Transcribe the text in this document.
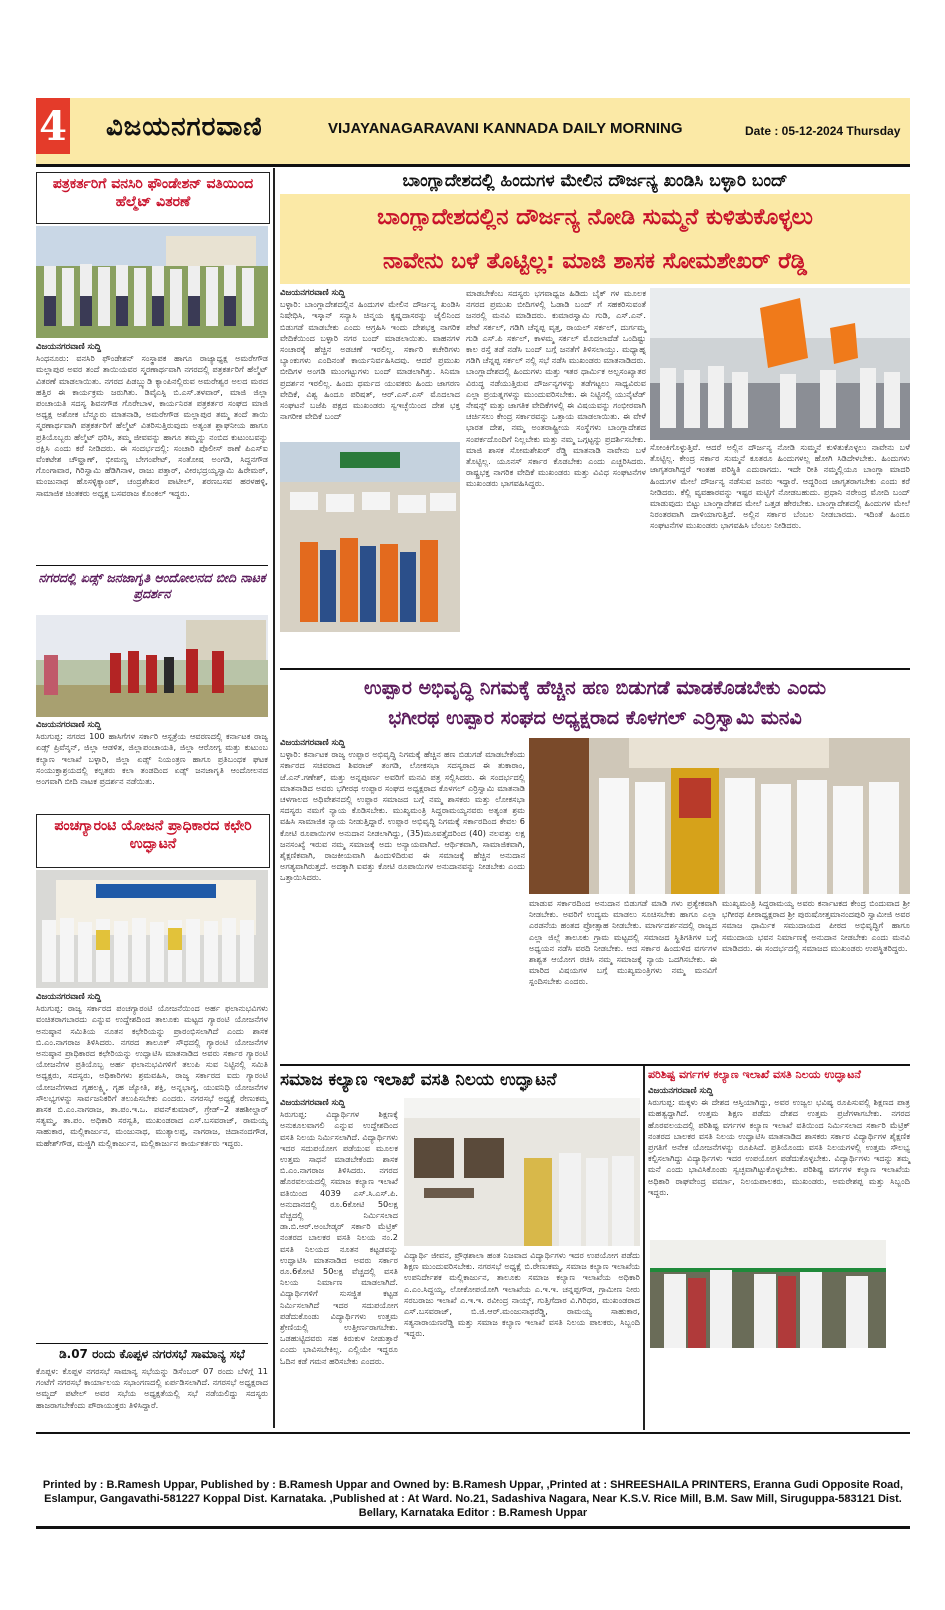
4 ವಿಜಯನಗರವಾಣಿ	VIJAYANAGARAVANI KANNADA DAILY MORNING	Date : 05-12-2024 Thursday
ಪತ್ರಕರ್ತರಿಗೆ ವನಸಿರಿ ಫೌಂಡೇಶನ್ ವತಿಯಿಂದ ಹೆಲ್ಮೆಟ್ ವಿತರಣೆ
ವಿಜಯನಗರವಾಣಿ ಸುದ್ದಿ
ಸಿಂಧನೂರು: ವನಸಿರಿ ಫೌಂಡೇಶನ್ ಸಂಸ್ಥಾಪಕ ಹಾಗೂ ರಾಜ್ಯಾಧ್ಯಕ್ಷ ಅಮರೇಗೌಡ ಮಲ್ಲಾಪುರ ಅವರ ತಂದೆ ತಾಯಿಯವರ ಸ್ಮರಣಾರ್ಥವಾಗಿ ನಗರದಲ್ಲಿ ಪತ್ರಕರ್ತರಿಗೆ ಹೆಲ್ಮೆಟ್ ವಿತರಣೆ ಮಾಡಲಾಯಿತು. ನಗರದ ಪಿಡಬ್ಲ್ಯುಡಿ ಕ್ಯಾಂಪಿನಲ್ಲಿರುವ ಅಮರೇಶ್ವರ ಅಲದ ಮರದ ಹತ್ತಿರ ಈ ಕಾರ್ಯಕ್ರಮ ಜರುಗಿತು. ಡಿವೈಎಸ್ಪಿ ಬಿ.ಎಸ್.ತಳವಾರ್, ಮಾಜಿ ಜಿಲ್ಲಾ ಪಂಚಾಯತಿ ಸದಸ್ಯ ಶಿವನಗೌಡ ಗೊರೇಬಾಳ, ಕಾರ್ಯನಿರತ ಪತ್ರಕರ್ತರ ಸಂಘದ ಮಾಜಿ ಅಧ್ಯಕ್ಷ ಅಶೋಕ ಬೆನ್ನೂರು ಮಾತನಾಡಿ, ಅಮರೇಗೌಡ ಮಲ್ಲಾಪುರ ತಮ್ಮ ತಂದೆ ತಾಯಿ ಸ್ಮರಣಾರ್ಥವಾಗಿ ಪತ್ರಕರ್ತರಿಗೆ ಹೆಲ್ಮೆಟ್ ವಿತರಿಸುತ್ತಿರುವುದು ಅತ್ಯಂತ ಶ್ಲಾಘನೀಯ ಹಾಗೂ ಪ್ರತಿಯೊಬ್ಬರು ಹೆಲ್ಮೆಟ್ ಧರಿಸಿ, ತಮ್ಮ ಜೀವವನ್ನು ಹಾಗೂ ತಮ್ಮನ್ನು ನಂಬಿದ ಕುಟುಂಬವನ್ನು ರಕ್ಷಿಸಿ ಎಂದು ಕರೆ ನೀಡಿದರು. ಈ ಸಂದರ್ಭದಲ್ಲಿ: ಸಂಚಾರಿ ಪೊಲೀಸ್ ಠಾಣೆ ಪಿಎಸ್‌ಐ ವೆಂಕಟೇಶ ಚೌವ್ಹಾಣ್, ಭೀಮಣ್ಣ ಬೇಗಂಪೇಟ್, ಸಂತೋಷ ಅಂಗಡಿ, ಸಿದ್ದನಗೌಡ ಗೊಂಗಾವಾರ, ಗಿರಿಸ್ವಾಮಿ ಹೆಡಿಗಿನಾಳ, ರಾಜು ಪತ್ತಾರ್, ವೀರಭದ್ರಯ್ಯಸ್ವಾಮಿ ಹಿರೇಮಠ್, ಮಂಜುನಾಥ ಹೊಸಳ್ಳಿಕ್ಯಾಂಪ್, ಚಂದ್ರಶೇಖರ ಪಾಟೀಲ್, ಶರಣಬಸವ ಹರಳಹಳ್ಳಿ, ಸಾಮಾಜಿಕ ಚಿಂತಕರು ಅಧ್ಯಕ್ಷ ಬಸವರಾಜ ಕೊಂಕಲ್ ಇದ್ದರು.
ನಗರದಲ್ಲಿ ಏಡ್ಸ್ ಜನಜಾಗೃತಿ ಆಂದೋಲನದ ಬೀದಿ ನಾಟಕ ಪ್ರದರ್ಶನ
ವಿಜಯನಗರವಾಣಿ ಸುದ್ದಿ
ಸಿರುಗುಪ್ಪ: ನಗರದ 100 ಹಾಸಿಗೆಗಳ ಸರ್ಕಾರಿ ಆಸ್ಪತ್ರೆಯ ಆವರಣದಲ್ಲಿ ಕರ್ನಾಟಕ ರಾಜ್ಯ ಏಡ್ಸ್ ಪ್ರಿವೆನ್ಶನ್, ಜಿಲ್ಲಾ ಆಡಳಿತ, ಜಿಲ್ಲಾಪಂಚಾಯತಿ, ಜಿಲ್ಲಾ ಆರೋಗ್ಯ ಮತ್ತು ಕುಟುಂಬ ಕಲ್ಯಾಣ ಇಲಾಖೆ ಬಳ್ಳಾರಿ, ಜಿಲ್ಲಾ ಏಡ್ಸ್ ನಿಯಂತ್ರಣ ಹಾಗೂ ಪ್ರತಿಬಂಧಕ ಘಟಕ ಸಂಯುಕ್ತಾಶ್ರಯದಲ್ಲಿ ಕಲ್ಪತರು ಕಲಾ ತಂಡದಿಂದ ಏಡ್ಸ್ ಜನಜಾಗೃತಿ ಆಂದೋಲನದ ಅಂಗವಾಗಿ ಬೀದಿ ನಾಟಕ ಪ್ರದರ್ಶನ ನಡೆಯಿತು.
ಪಂಚಗ್ಯಾರಂಟಿ ಯೋಜನೆ ಪ್ರಾಧಿಕಾರದ ಕಛೇರಿ ಉದ್ಘಾಟನೆ
ವಿಜಯನಗರವಾಣಿ ಸುದ್ದಿ
ಸಿರುಗುಪ್ಪ: ರಾಜ್ಯ ಸರ್ಕಾರದ ಪಂಚಗ್ಯಾರಂಟಿ ಯೋಜನೆಯಿಂದ ಅರ್ಹ ಫಲಾನುಭವಿಗಳು ವಂಚಿತರಾಗಬಾರದು ಎನ್ನುವ ಉದ್ದೇಶದಿಂದ ತಾಲೂಕು ಮಟ್ಟದ ಗ್ಯಾರಂಟಿ ಯೋಜನೆಗಳ ಅನುಷ್ಠಾನ ಸಮಿತಿಯ ನೂತನ ಕಛೇರಿಯನ್ನು ಪ್ರಾರಂಭಿಸಲಾಗಿದೆ ಎಂದು ಶಾಸಕ ಬಿ.ಎಂ.ನಾಗರಾಜ ತಿಳಿಸಿದರು. ನಗರದ ತಾಲೂಕ್ ಸೌಧದಲ್ಲಿ ಗ್ಯಾರಂಟಿ ಯೋಜನೆಗಳ ಅನುಷ್ಠಾನ ಪ್ರಾಧಿಕಾರದ ಕಛೇರಿಯನ್ನು ಉದ್ಘಾಟಿಸಿ ಮಾತನಾಡಿದ ಅವರು ಸರ್ಕಾರ ಗ್ಯಾರಂಟಿ ಯೋಜನೆಗಳ ಪ್ರತಿಯೊಬ್ಬ ಅರ್ಹ ಫಲಾನುಭವಿಗಳಿಗೆ ತಲುಪಿ ಸುವ ನಿಟ್ಟಿನಲ್ಲಿ ಸಮಿತಿ ಅಧ್ಯಕ್ಷರು, ಸದಸ್ಯರು, ಅಧಿಕಾರಿಗಳು ಶ್ರಮವಹಿಸಿ, ರಾಜ್ಯ ಸರ್ಕಾರದ ಐದು ಗ್ಯಾರಂಟಿ ಯೋಜನೆಗಳಾದ ಗೃಹಲಕ್ಷ್ಮಿ, ಗೃಹ ಜ್ಯೋತಿ, ಶಕ್ತಿ, ಅನ್ನಭಾಗ್ಯ, ಯುವನಿಧಿ ಯೋಜನೆಗಳ ಸೌಲಭ್ಯಗಳನ್ನು ಸಾರ್ವಜನಿಕರಿಗೆ ತಲುಪಿಸಬೇಕು ಎಂದರು. ನಗರಸಭೆ ಅಧ್ಯಕ್ಷೆ ರೇಣುಕಮ್ಮ ಶಾಸಕ ಬಿ.ಎಂ.ನಾಗರಾಜ, ತಾ.ಪಂ.ಇ.ಒ. ಪವನ್‌ಕುಮಾರ್, ಗ್ರೇಡ್–2 ತಹಶೀಲ್ದಾರ್ ಸತ್ಯಮ್ಮ, ತಾ.ಪಂ. ಅಧಿಕಾರಿ ಸರಸ್ವತಿ, ಮುಖಂಡರಾದ ಎಸ್.ಬಸವರಾಜ್, ರಾಮಯ್ಯ ಸಾಹುಕಾರ, ಮಲ್ಲಿಕಾರ್ಜುನ, ಮಂಜುನಾಥ, ಮುತ್ಯಾಲಪ್ಪ, ನಾಗರಾಜ, ಚಿದಾನಂದಗೌಡ, ಮಹೇಶ್‌ಗೌಡ, ಮಜ್ಜಿಗಿ ಮಲ್ಲಿಕಾರ್ಜುನ, ಮಲ್ಲಿಕಾರ್ಜುನ ಕಾರ್ಯಕರ್ತರು ಇದ್ದರು.
ಡಿ.07 ರಂದು ಕೊಪ್ಪಳ ನಗರಸಭೆ ಸಾಮಾನ್ಯ ಸಭೆ
ಕೊಪ್ಪಳ: ಕೊಪ್ಪಳ ನಗರಸಭೆ ಸಾಮಾನ್ಯ ಸಭೆಯನ್ನು ಡಿಸೆಂಬರ್ 07 ರಂದು ಬೆಳಿಗ್ಗೆ 11 ಗಂಟೆಗೆ ನಗರಸಭೆ ಕಾರ್ಯಾಲಯ ಸಭಾಂಗಣದಲ್ಲಿ ಏರ್ಪಡಿಸಲಾಗಿದೆ. ನಗರಸಭೆ ಅಧ್ಯಕ್ಷರಾದ ಅಮ್ಜದ್ ಪಟೇಲ್ ಅವರ ಸಭೆಯ ಅಧ್ಯಕ್ಷತೆಯಲ್ಲಿ ಸಭೆ ನಡೆಯಲಿದ್ದು ಸದಸ್ಯರು ಹಾಜರಾಗಬೇಕೆಂದು ಪೌರಾಯುಕ್ತರು ತಿಳಿಸಿದ್ದಾರೆ.
ಬಾಂಗ್ಲಾದೇಶದಲ್ಲಿ ಹಿಂದುಗಳ ಮೇಲಿನ ದೌರ್ಜನ್ಯ ಖಂಡಿಸಿ ಬಳ್ಳಾರಿ ಬಂದ್
ಬಾಂಗ್ಲಾದೇಶದಲ್ಲಿನ ದೌರ್ಜನ್ಯ ನೋಡಿ ಸುಮ್ಮನೆ ಕುಳಿತುಕೊಳ್ಳಲು
ನಾವೇನು ಬಳೆ ತೊಟ್ಟಿಲ್ಲ: ಮಾಜಿ ಶಾಸಕ ಸೋಮಶೇಖರ್ ರೆಡ್ಡಿ
ವಿಜಯನಗರವಾಣಿ ಸುದ್ದಿ
ಬಳ್ಳಾರಿ: ಬಾಂಗ್ಲಾದೇಶದಲ್ಲಿನ ಹಿಂದುಗಳ ಮೇಲಿನ ದೌರ್ಜನ್ಯ ಖಂಡಿಸಿ ನಿಷೇಧಿಸಿ, ಇಸ್ಕಾನ್ ಸನ್ಯಾಸಿ ಚಿನ್ಮಯ ಕೃಷ್ಣದಾಸರನ್ನು ಜೈಲಿನಿಂದ ಬಿಡುಗಡೆ ಮಾಡಬೇಕು ಎಂದು ಆಗ್ರಹಿಸಿ ಇಂದು ದೇಶಭಕ್ತ ನಾಗರಿಕ ವೇದಿಕೆಯಿಂದ ಬಳ್ಳಾರಿ ನಗರ ಬಂದ್ ಮಾಡಲಾಯಿತು. ವಾಹನಗಳ ಸಂಚಾರಕ್ಕೆ ಹೆಚ್ಚಿನ ಅಡಚಣೆ ಇರಲಿಲ್ಲ. ಸರ್ಕಾರಿ ಕಚೇರಿಗಳು ಬ್ಯಾಂಕುಗಳು ಎಂದಿನಂತೆ ಕಾರ್ಯನಿರ್ವಹಿಸಿದವು. ಆದರೆ ಪ್ರಮುಖ ಬೀದಿಗಳ ಅಂಗಡಿ ಮುಂಗಟ್ಟುಗಳು ಬಂದ್ ಮಾಡಲಾಗಿತ್ತು. ಸಿನಿಮಾ ಪ್ರದರ್ಶನ ಇರಲಿಲ್ಲ. ಹಿಂದು ಧರ್ಮದ ಯುವಕರು ಹಿಂದು ಜಾಗರಣ ವೇದಿಕೆ, ವಿಶ್ವ ಹಿಂದೂ ಪರಿಷತ್, ಆರ್.ಎಸ್.ಎಸ್ ಮೊದಲಾದ ಸಂಘಟನೆ ಬಜೆಪಿ ಪಕ್ಷದ ಮುಖಂಡರು ಸ್ವಇಚ್ಛೆಯಿಂದ ದೇಶ ಭಕ್ತ ನಾಗರೀಕ ವೇದಿಕೆ ಬಂದ್
ಮಾಡಬೇಕೆಂಬ ಸದಸ್ಯರು ಭಗವಾಧ್ವಜ ಹಿಡಿದು ಬೈಕ್ ಗಳ ಮೂಲಕ ನಗರದ ಪ್ರಮುಖ ಬೀದಿಗಳಲ್ಲಿ ಓಡಾಡಿ ಬಂದ್ ಗೆ ಸಹಕರಿಸುವಂತೆ ಜನರಲ್ಲಿ ಮನವಿ ಮಾಡಿದರು. ಕುಮಾರಸ್ವಾಮಿ ಗುಡಿ, ಎಸ್.ಎನ್. ಪೇಟೆ ಸರ್ಕಲ್, ಗಡಿಗಿ ಚೆನ್ನಪ್ಪ ವೃತ್ತ, ರಾಯಲ್ ಸರ್ಕಲ್, ದುರ್ಗಮ್ಮ ಗುಡಿ ಎಸ್.ಪಿ ಸರ್ಕಲ್, ಕಾಳಮ್ಮ ಸರ್ಕಲ್ ಮೊದಲಾದೆಡೆ ಒಂದಿಷ್ಟು ಕಾಲ ರಸ್ತೆ ತಡೆ ನಡೆಸಿ ಬಂದ್ ಬಗ್ಗೆ ಜನತೆಗೆ ತಿಳಿಸಲಾಯ್ತು. ಮಧ್ಯಾಹ್ನ ಗಡಿಗಿ ಚೆನ್ನಪ್ಪ ಸರ್ಕಲ್ ನಲ್ಲಿ ಸಭೆ ನಡೆಸಿ ಮುಖಂಡರು ಮಾತನಾಡಿದರು. ಬಾಂಗ್ಲಾದೇಶದಲ್ಲಿ ಹಿಂದುಗಳು ಮತ್ತು ಇತರ ಧಾರ್ಮಿಕ ಅಲ್ಪಸಂಖ್ಯಾತರ ವಿರುದ್ಧ ನಡೆಯುತ್ತಿರುವ ದೌರ್ಜನ್ಯಗಳನ್ನು ತಡೆಗಟ್ಟಲು ಸಾಧ್ಯವಿರುವ ಎಲ್ಲಾ ಪ್ರಯತ್ನಗಳನ್ನು ಮುಂದುವರಿಸಬೇಕು. ಈ ನಿಟ್ಟಿನಲ್ಲಿ ಯುನೈಟೆಡ್ ನೇಷನ್ಸ್ ಮತ್ತು ಜಾಗತಿಕ ವೇದಿಕೆಗಳಲ್ಲಿ ಈ ವಿಷಯವನ್ನು ಗಂಭೀರವಾಗಿ ಚರ್ಚಿಸಲು ಕೇಂದ್ರ ಸರ್ಕಾರವನ್ನು ಒತ್ತಾಯ ಮಾಡಲಾಯಿತು. ಈ ವೇಳೆ ಭಾರತ ದೇಶ, ನಮ್ಮ ಅಂತರಾಷ್ಟ್ರೀಯ ಸಂಸ್ಥೆಗಳು ಬಾಂಗ್ಲಾದೇಶದ ಸಂಪರ್ಕದೊಂದಿಗೆ ನಿಲ್ಲಬೇಕು ಮತ್ತು ನಮ್ಮ ಒಗ್ಗಟ್ಟನ್ನು ಪ್ರದರ್ಶಿಸಬೇಕು. ಮಾಜಿ ಶಾಸಕ ಸೋಮಶೇಖರ್ ರೆಡ್ಡಿ ಮಾತನಾಡಿ ನಾವೇನು ಬಳೆ ತೊಟ್ಟಿಲ್ಲ. ಯೂನಸ್ ಸರ್ಕಾರ ಕೊಡಬೇಕು ಎಂದು ಎಚ್ಚರಿಸಿದರು. ರಾಷ್ಟ್ರಭಕ್ತ ನಾಗರಿಕ ವೇದಿಕೆ ಮುಖಂಡರು ಮತ್ತು ವಿವಿಧ ಸಂಘಟನೆಗಳ ಮುಖಂಡರು ಭಾಗವಹಿಸಿದ್ದರು.
ಸೋಂಕಿಗೊಳ್ಳುತ್ತಿವೆ. ಆದರೆ ಅಲ್ಲಿನ ದೌರ್ಜನ್ಯ ನೋಡಿ ಸುಮ್ಮನೆ ಕುಳಿತುಕೊಳ್ಳಲು ನಾವೇನು ಬಳೆ ತೊಟ್ಟಿಲ್ಲ. ಕೇಂದ್ರ ಸರ್ಕಾರ ಸುಮ್ಮನೆ ಕೂತರೂ ಹಿಂದುಗಳಲ್ಲ ಹೋಗಿ ಸಿಡಿದೇಳಬೇಕು. ಹಿಂದುಗಳು ಜಾಗೃತರಾಗಿದ್ದರೆ ಇಂತಹ ಪರಿಸ್ಥಿತಿ ಎದುರಾಗದು. ಇದೇ ರೀತಿ ನಮ್ಮಲ್ಲಿಯೂ ಬಾಂಗ್ಲಾ ಮಾದರಿ ಹಿಂದುಗಳ ಮೇಲೆ ದೌರ್ಜನ್ಯ ನಡೆಸುವ ಜನರು ಇದ್ದಾರೆ. ಆದ್ದರಿಂದ ಜಾಗೃತರಾಗಬೇಕು ಎಂದು ಕರೆ ನೀಡಿದರು. ಕೆಲ್ಲಿ ವ್ಯವಹಾರವನ್ನು ಇಷ್ಟರ ಮಟ್ಟಿಗೆ ನೋಡಬಹುದು. ಪ್ರಧಾನಿ ನರೇಂದ್ರ ಮೋದಿ ಬಂದ್ ಮಾಡುವುದು ಬಿಟ್ಟು ಬಾಂಗ್ಲಾದೇಶದ ಮೇಲೆ ಒತ್ತಡ ಹೇರಬೇಕು. ಬಾಂಗ್ಲಾದೇಶದಲ್ಲಿ ಹಿಂದುಗಳ ಮೇಲೆ ನಿರಂತರವಾಗಿ ದಾಳಿಯಾಗುತ್ತಿದೆ. ಅಲ್ಲಿನ ಸರ್ಕಾರ ಬೆಂಬಲ ನೀಡಬಾರದು. ಇದಿಂತೆ ಹಿಂದೂ ಸಂಘಟನೆಗಳ ಮುಖಂಡರು ಭಾಗವಹಿಸಿ ಬೆಂಬಲ ನೀಡಿದರು.
ಉಪ್ಪಾರ ಅಭಿವೃದ್ಧಿ ನಿಗಮಕ್ಕೆ ಹೆಚ್ಚಿನ ಹಣ ಬಿಡುಗಡೆ ಮಾಡಕೊಡಬೇಕು ಎಂದು
ಭಗೀರಥ ಉಪ್ಪಾರ ಸಂಘದ ಅಧ್ಯಕ್ಷರಾದ ಕೊಳಗಲ್ ಎರ್ರಿಸ್ವಾಮಿ ಮನವಿ
ವಿಜಯನಗರವಾಣಿ ಸುದ್ದಿ
ಬಳ್ಳಾರಿ: ಕರ್ನಾಟಕ ರಾಜ್ಯ ಉಪ್ಪಾರ ಅಭಿವೃದ್ಧಿ ನಿಗಮಕ್ಕೆ ಹೆಚ್ಚಿನ ಹಣ ಬಿಡುಗಡೆ ಮಾಡಬೇಕೆಂದು ಸರ್ಕಾರದ ಸಚಿವರಾದ ಶಿವರಾಜ್ ತಂಗಡಿ, ಲೋಕಸಭಾ ಸದಸ್ಯರಾದ ಈ ತುಕಾರಾಂ, ಜೆ.ಎನ್.ಗಣೇಶ್, ಮತ್ತು ಅನ್ನಪೂರ್ಣ ಅವರಿಗೆ ಮನವಿ ಪತ್ರ ಸಲ್ಲಿಸಿದರು. ಈ ಸಂದರ್ಭದಲ್ಲಿ ಮಾತನಾಡಿದ ಅವರು ಭಗೀರಥ ಉಪ್ಪಾರ ಸಂಘದ ಅಧ್ಯಕ್ಷರಾದ ಕೊಳಗಲ್ ಎರ್ರಿಸ್ವಾಮಿ ಮಾತನಾಡಿ ಚಳಗಾಲದ ಅಧಿವೇಶನದಲ್ಲಿ ಉಪ್ಪಾರ ಸಮಾಜದ ಬಗ್ಗೆ ನಮ್ಮ ಶಾಸಕರು ಮತ್ತು ಲೋಕಸಭಾ ಸದಸ್ಯರು ನಮಗೆ ನ್ಯಾಯ ಕೊಡಿಸಬೇಕು. ಮುಖ್ಯಮಂತ್ರಿ ಸಿದ್ದರಾಮಯ್ಯನವರು ಅತ್ಯಂತ ಶ್ರಮ ವಹಿಸಿ ಸಾಮಾಜಿಕ ನ್ಯಾಯ ನೀಡುತ್ತಿದ್ದಾರೆ. ಉಪ್ಪಾರ ಅಭಿವೃದ್ಧಿ ನಿಗಮಕ್ಕೆ ಸರ್ಕಾರದಿಂದ ಕೇವಲ 6 ಕೋಟಿ ರೂಪಾಯಿಗಳ ಅನುದಾನ ನೀಡಲಾಗಿದ್ದು, (35)ಮೂವತ್ತೈದರಿಂದ (40) ನಲವತ್ತು ಲಕ್ಷ ಜನಸಂಖ್ಯೆ ಇರುವ ನಮ್ಮ ಸಮಾಜಕ್ಕೆ ಅದು ಅನ್ಯಾಯವಾಗಿದೆ. ಆರ್ಥಿಕವಾಗಿ, ಸಾಮಾಜಿಕವಾಗಿ, ಶೈಕ್ಷಣಿಕವಾಗಿ, ರಾಜಕೀಯವಾಗಿ ಹಿಂದುಳಿದಿರುವ ಈ ಸಮಾಜಕ್ಕೆ ಹೆಚ್ಚಿನ ಅನುದಾನ ಅಗತ್ಯವಾಗಿರುತ್ತದೆ. ಅದಕ್ಕಾಗಿ ಐವತ್ತು ಕೋಟಿ ರೂಪಾಯಿಗಳ ಅನುದಾನವನ್ನು ನೀಡಬೇಕು ಎಂದು ಒತ್ತಾಯಿಸಿದರು.
ಮಾಡುವ ಸರ್ಕಾರದಿಂದ ಅನುದಾನ ಬಿಡುಗಡೆ ಮಾಡಿ ಗಳು ಪ್ರತ್ಯೇಕವಾಗಿ ನೀಡಬೇಕು. ಅವರಿಗೆ ಉದ್ಯಮ ಮಾಡಲು ಸೂಚಿಸಬೇಕು ಹಾಗೂ ಎಲ್ಲಾ ಎರಡನೆಯ ಹಂತದ ಪ್ರೋತ್ಸಾಹ ನೀಡಬೇಕು. ಮಾರ್ಗದರ್ಶನದಲ್ಲಿ ರಾಜ್ಯದ ಎಲ್ಲಾ ಜಿಲ್ಲೆ ತಾಲೂಕು ಗ್ರಾಮ ಮಟ್ಟದಲ್ಲಿ ಸಮಾಜದ ಸ್ಥಿತಿಗತಿಗಳ ಬಗ್ಗೆ ಅಧ್ಯಯನ ನಡೆಸಿ ವರದಿ ನೀಡಬೇಕು. ಆದ ಸರ್ಕಾರ ಹಿಂದುಳಿದ ವರ್ಗಗಳ ಶಾಶ್ವತ ಆಯೋಗ ರಚಿಸಿ ನಮ್ಮ ಸಮಾಜಕ್ಕೆ ನ್ಯಾಯ ಒದಗಿಸಬೇಕು. ಈ ಮಾರಿದ ವಿಷಯಗಳ ಬಗ್ಗೆ ಮುಖ್ಯಮಂತ್ರಿಗಳು ನಮ್ಮ ಮನವಿಗೆ ಸ್ಪಂದಿಸಬೇಕು ಎಂದರು.
ಮುಖ್ಯಮಂತ್ರಿ ಸಿದ್ದರಾಮಯ್ಯ ಅವರು ಕರ್ನಾಟಕದ ಕೇಂದ್ರ ಬಿಂದುವಾದ ಶ್ರೀ ಭಗೀರಥ ಪೀಠಾಧ್ಯಕ್ಷರಾದ ಶ್ರೀ ಪುರುಷೋತ್ತಮಾನಂದಪುರಿ ಸ್ವಾಮೀಜಿ ಅವರ ಸಮಾಜ ಧಾರ್ಮಿಕ ಸಮುದಾಯದ ಪೀಠದ ಅಭಿವೃದ್ಧಿಗೆ ಹಾಗೂ ಸಮುದಾಯ ಭವನ ನಿರ್ಮಾಣಕ್ಕೆ ಅನುದಾನ ನೀಡಬೇಕು ಎಂದು ಮನವಿ ಮಾಡಿದರು. ಈ ಸಂದರ್ಭದಲ್ಲಿ ಸಮಾಜದ ಮುಖಂಡರು ಉಪಸ್ಥಿತರಿದ್ದರು.
ಸಮಾಜ ಕಲ್ಯಾಣ ಇಲಾಖೆ ವಸತಿ ನಿಲಯ ಉದ್ಘಾಟನೆ
ವಿಜಯನಗರವಾಣಿ ಸುದ್ದಿ
ಸಿರುಗುಪ್ಪ: ವಿದ್ಯಾರ್ಥಿಗಳ ಶಿಕ್ಷಣಕ್ಕೆ ಅನುಕೂಲವಾಗಲಿ ಎನ್ನುವ ಉದ್ದೇಶದಿಂದ ವಸತಿ ನಿಲಯ ನಿರ್ಮಿಸಲಾಗಿದೆ. ವಿದ್ಯಾರ್ಥಿಗಳು ಇದರ ಸದುಪಯೋಗ ಪಡೆಯುವ ಮೂಲಕ ಉತ್ತಮ ಸಾಧನೆ ಮಾಡಬೇಕೆಂದು ಶಾಸಕ ಬಿ.ಎಂ.ನಾಗರಾಜ ತಿಳಿಸಿದರು. ನಗರದ ಹೊರವಲಯದಲ್ಲಿ ಸಮಾಜ ಕಲ್ಯಾಣ ಇಲಾಖೆ ವತಿಯಿಂದ 4039 ಎಸ್.ಸಿ.ಎಸ್.ಪಿ. ಅನುದಾನದಲ್ಲಿ ರೂ.6ಕೋಟಿ 50ಲಕ್ಷ ವೆಚ್ಚದಲ್ಲಿ ನಿರ್ಮಿಸಲಾದ ಡಾ.ಬಿ.ಆರ್.ಅಂಬೇಡ್ಕರ್ ಸರ್ಕಾರಿ ಮೆಟ್ರಿಕ್ ನಂತರದ ಬಾಲಕರ ವಸತಿ ನಿಲಯ ನಂ.2 ವಸತಿ ನಿಲಯದ ನೂತನ ಕಟ್ಟಡವನ್ನು ಉದ್ಘಾಟಿಸಿ ಮಾತನಾಡಿದ ಅವರು ಸರ್ಕಾರ ರೂ.6ಕೋಟಿ 50ಲಕ್ಷ ವೆಚ್ಚದಲ್ಲಿ ವಸತಿ ನಿಲಯ ನಿರ್ಮಾಣ ಮಾಡಲಾಗಿದೆ. ವಿದ್ಯಾರ್ಥಿಗಳಿಗೆ ಸುಸಜ್ಜಿತ ಕಟ್ಟಡ ನಿರ್ಮಿಸಲಾಗಿದೆ ಇದರ ಸದುಪಯೋಗ ಪಡೆದುಕೊಂಡು ವಿದ್ಯಾರ್ಥಿಗಳು ಉತ್ತಮ ಶ್ರೇಣಿಯಲ್ಲಿ ಉತ್ತೀರ್ಣರಾಗಬೇಕು. ಒಡಹುಟ್ಟಿದವರು ಸಹ ಕಿರುಕುಳ ನೀಡುತ್ತಾರೆ ಎಂದು ಭಾವಿಸಬೇಕಿಲ್ಲ. ಎಲ್ಲಿಯೇ ಇದ್ದರೂ ಓದಿನ ಕಡೆ ಗಮನ ಹರಿಸಬೇಕು ಎಂದರು.
ವಿದ್ಯಾರ್ಥಿ ಜೀವನ, ಪ್ರೌಢಶಾಲಾ ಹಂತ ನಿಜವಾದ ವಿದ್ಯಾರ್ಥಿಗಳು ಇದರ ಉಪಯೋಗ ಪಡೆದು ಶಿಕ್ಷಣ ಮುಂದುವರಿಸಬೇಕು. ನಗರಸಭೆ ಅಧ್ಯಕ್ಷೆ ಬಿ.ರೇಣುಕಮ್ಮ, ಸಮಾಜ ಕಲ್ಯಾಣ ಇಲಾಖೆಯ ಉಪನಿರ್ದೇಶಕ ಮಲ್ಲಿಕಾರ್ಜುನ, ತಾಲೂಕು ಸಮಾಜ ಕಲ್ಯಾಣ ಇಲಾಖೆಯ ಅಧಿಕಾರಿ ಎ.ಎಂ.ಸಿದ್ದಯ್ಯ, ಲೋಕೋಪಯೋಗಿ ಇಲಾಖೆಯ ಎ.ಇ.ಇ. ಚನ್ನಪ್ಪಗೌಡ, ಗ್ರಾಮೀಣ ನೀರು ಸರಬರಾಜು ಇಲಾಖೆ ಎ.ಇ.ಇ. ರವೀಂದ್ರ ನಾಯ್ಕ್, ಗುತ್ತಿಗೆದಾರ ವಿ.ಗಿರಿಧರ, ಮುಖಂಡರಾದ ಎಸ್.ಬಸವರಾಜ್, ಬಿ.ಜಿ.ಆರ್.ಮಂಜುನಾಥರೆಡ್ಡಿ, ರಾಮಯ್ಯ ಸಾಹುಕಾರ, ಸತ್ಯನಾರಾಯಣರೆಡ್ಡಿ ಮತ್ತು ಸಮಾಜ ಕಲ್ಯಾಣ ಇಲಾಖೆ ವಸತಿ ನಿಲಯ ಪಾಲಕರು, ಸಿಬ್ಬಂದಿ ಇದ್ದರು.
ಪರಿಶಿಷ್ಟ ವರ್ಗಗಳ ಕಲ್ಯಾಣ ಇಲಾಖೆ ವಸತಿ ನಿಲಯ ಉದ್ಘಾಟನೆ
ವಿಜಯನಗರವಾಣಿ ಸುದ್ದಿ
ಸಿರುಗುಪ್ಪ: ಮಕ್ಕಳು ಈ ದೇಶದ ಆಸ್ತಿಯಾಗಿದ್ದು, ಅವರ ಉಜ್ವಲ ಭವಿಷ್ಯ ರೂಪಿಸುವಲ್ಲಿ ಶಿಕ್ಷಣದ ಪಾತ್ರ ಮಹತ್ವದ್ದಾಗಿದೆ. ಉತ್ತಮ ಶಿಕ್ಷಣ ಪಡೆದು ದೇಶದ ಉತ್ತಮ ಪ್ರಜೆಗಳಾಗಬೇಕು. ನಗರದ ಹೊರವಲಯದಲ್ಲಿ ಪರಿಶಿಷ್ಟ ವರ್ಗಗಳ ಕಲ್ಯಾಣ ಇಲಾಖೆ ವತಿಯಿಂದ ನಿರ್ಮಿಸಲಾದ ಸರ್ಕಾರಿ ಮೆಟ್ರಿಕ್ ನಂತರದ ಬಾಲಕರ ವಸತಿ ನಿಲಯ ಉದ್ಘಾಟಿಸಿ ಮಾತನಾಡಿದ ಶಾಸಕರು ಸರ್ಕಾರ ವಿದ್ಯಾರ್ಥಿಗಳ ಶೈಕ್ಷಣಿಕ ಪ್ರಗತಿಗೆ ಅನೇಕ ಯೋಜನೆಗಳನ್ನು ರೂಪಿಸಿದೆ. ಪ್ರತಿಯೊಂದು ವಸತಿ ನಿಲಯಗಳಲ್ಲಿ ಉತ್ತಮ ಸೌಲಭ್ಯ ಕಲ್ಪಿಸಲಾಗಿದ್ದು ವಿದ್ಯಾರ್ಥಿಗಳು ಇದರ ಉಪಯೋಗ ಪಡೆದುಕೊಳ್ಳಬೇಕು. ವಿದ್ಯಾರ್ಥಿಗಳು ಇದನ್ನು ತಮ್ಮ ಮನೆ ಎಂದು ಭಾವಿಸಿಕೊಂಡು ಸ್ವಚ್ಛವಾಗಿಟ್ಟುಕೊಳ್ಳಬೇಕು. ಪರಿಶಿಷ್ಟ ವರ್ಗಗಳ ಕಲ್ಯಾಣ ಇಲಾಖೆಯ ಅಧಿಕಾರಿ ರಾಘವೇಂದ್ರ ವರ್ಮಾ, ನಿಲಯಪಾಲಕರು, ಮುಖಂಡರು, ಅಮರೇಶಪ್ಪ ಮತ್ತು ಸಿಬ್ಬಂದಿ ಇದ್ದರು.
Printed by : B.Ramesh Uppar, Published by : B.Ramesh Uppar and Owned by: B.Ramesh Uppar, ,Printed at : SHREESHAILA PRINTERS, Eranna Gudi Opposite Road,
Eslampur, Gangavathi-581227 Koppal Dist. Karnataka. ,Published at : At Ward. No.21, Sadashiva Nagara, Near K.S.V. Rice Mill, B.M. Saw Mill, Siruguppa-583121 Dist.
Bellary, Karnataka Editor : B.Ramesh Uppar
